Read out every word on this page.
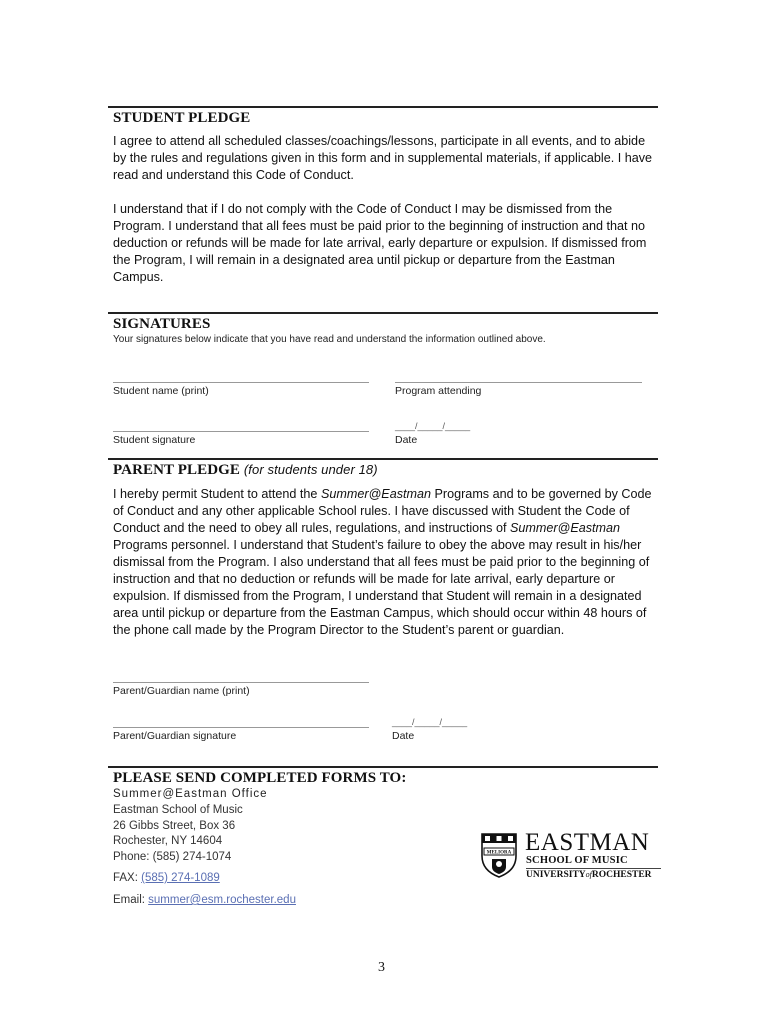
STUDENT PLEDGE

I agree to attend all scheduled classes/coachings/lessons, participate in all events, and to abide by the rules and regulations given in this form and in supplemental materials, if applicable. I have read and understand this Code of Conduct.

I understand that if I do not comply with the Code of Conduct I may be dismissed from the Program. I understand that all fees must be paid prior to the beginning of instruction and that no deduction or refunds will be made for late arrival, early departure or expulsion. If dismissed from the Program, I will remain in a designated area until pickup or departure from the Eastman Campus.

SIGNATURES

Your signatures below indicate that you have read and understand the information outlined above.

Student name (print)	Program attending

Student signature

____/_____/_____

Date

PARENT PLEDGE (for students under 18)

I hereby permit Student to attend the Summer@Eastman Programs and to be governed by Code of Conduct and any other applicable School rules. I have discussed with Student the Code of Conduct and the need to obey all rules, regulations, and instructions of Summer@Eastman Programs personnel. I understand that Student’s failure to obey the above may result in his/her dismissal from the Program. I also understand that all fees must be paid prior to the beginning of instruction and that no deduction or refunds will be made for late arrival, early departure or expulsion. If dismissed from the Program, I understand that Student will remain in a designated area until pickup or departure from the Eastman Campus, which should occur within 48 hours of the phone call made by the Program Director to the Student’s parent or guardian.

Parent/Guardian name (print)

Parent/Guardian signature

____/_____/_____

Date

PLEASE SEND COMPLETED FORMS TO:

Summer@Eastman Office

Eastman School of Music

26 Gibbs Street, Box 36

Rochester, NY 14604

Phone: (585) 274-1074

FAX: (585) 274-1089

Email: summer@esm.rochester.edu

MELIORA EASTMAN
SCHOOL OF MUSIC
UNIVERSITYofROCHESTER
3
